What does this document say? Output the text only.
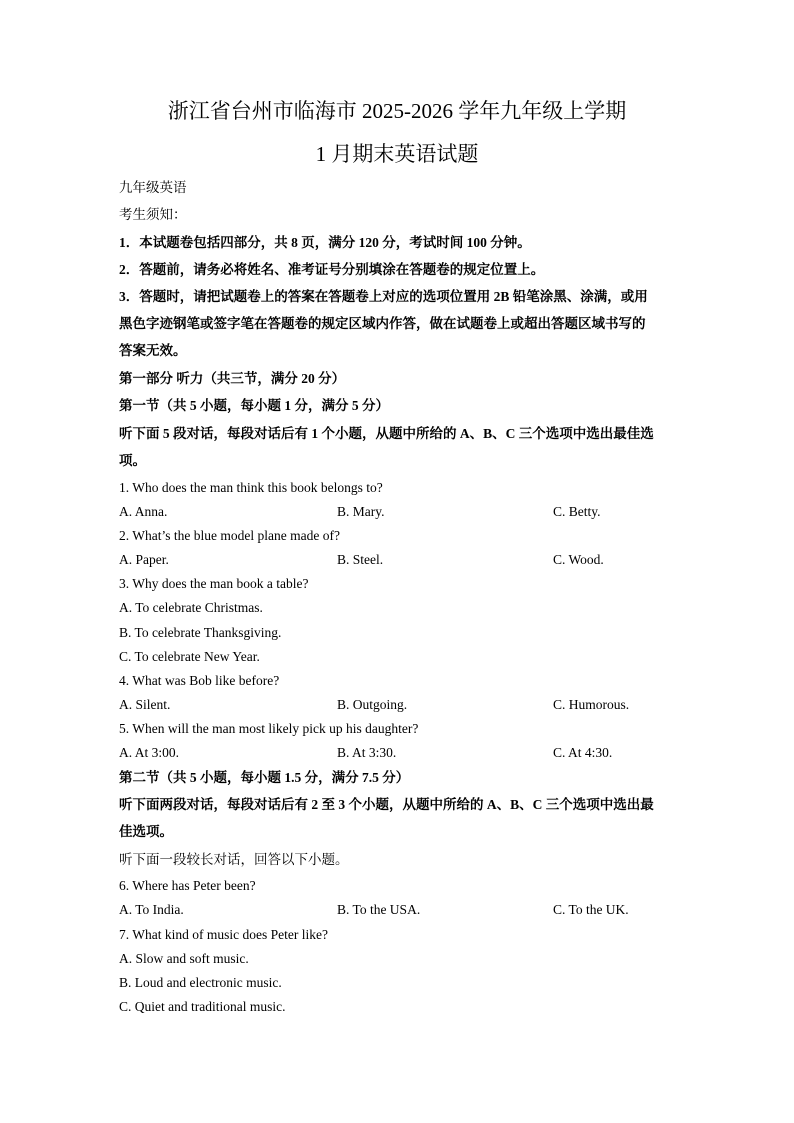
浙江省台州市临海市 2025-2026 学年九年级上学期
1 月期末英语试题
九年级英语
考生须知：
1．本试题卷包括四部分，共 8 页，满分 120 分，考试时间 100 分钟。
2．答题前，请务必将姓名、准考证号分别填涂在答题卷的规定位置上。
3．答题时，请把试题卷上的答案在答题卷上对应的选项位置用 2B 铅笔涂黑、涂满，或用
黑色字迹钢笔或签字笔在答题卷的规定区域内作答，做在试题卷上或超出答题区域书写的
答案无效。
第一部分 听力（共三节，满分 20 分）
第一节（共 5 小题，每小题 1 分，满分 5 分）
听下面 5 段对话，每段对话后有 1 个小题，从题中所给的 A、B、C 三个选项中选出最佳选
项。
1. Who does the man think this book belongs to?
A. Anna.	B. Mary.	C. Betty.
2. What’s the blue model plane made of?
A. Paper.	B. Steel.	C. Wood.
3. Why does the man book a table?
A. To celebrate Christmas.
B. To celebrate Thanksgiving.
C. To celebrate New Year.
4. What was Bob like before?
A. Silent.	B. Outgoing.	C. Humorous.
5. When will the man most likely pick up his daughter?
A. At 3:00.	B. At 3:30.	C. At 4:30.
第二节（共 5 小题，每小题 1.5 分，满分 7.5 分）
听下面两段对话，每段对话后有 2 至 3 个小题，从题中所给的 A、B、C 三个选项中选出最
佳选项。
听下面一段较长对话，回答以下小题。
6. Where has Peter been?
A. To India.	B. To the USA.	C. To the UK.
7. What kind of music does Peter like?
A. Slow and soft music.
B. Loud and electronic music.
C. Quiet and traditional music.
